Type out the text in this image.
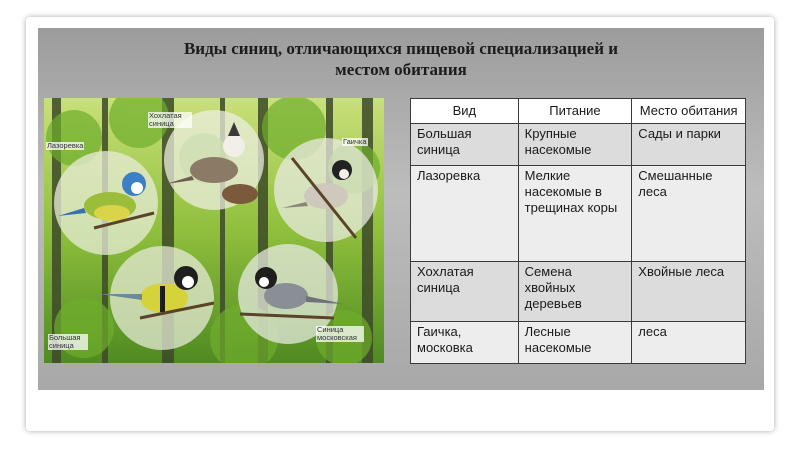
Виды синиц, отличающихся пищевой специализацией и
местом обитания
Лазоревка
Хохлатая синица
Гаичка
Большая синица
Синица московская
Вид	Питание	Место обитания
Большая синица	Крупные насекомые	Сады и парки
Лазоревка	Мелкие насекомые в трещинах коры	Смешанные леса
Хохлатая синица	Семена хвойных деревьев	Хвойные леса
Гаичка, московка	Лесные насекомые	леса
